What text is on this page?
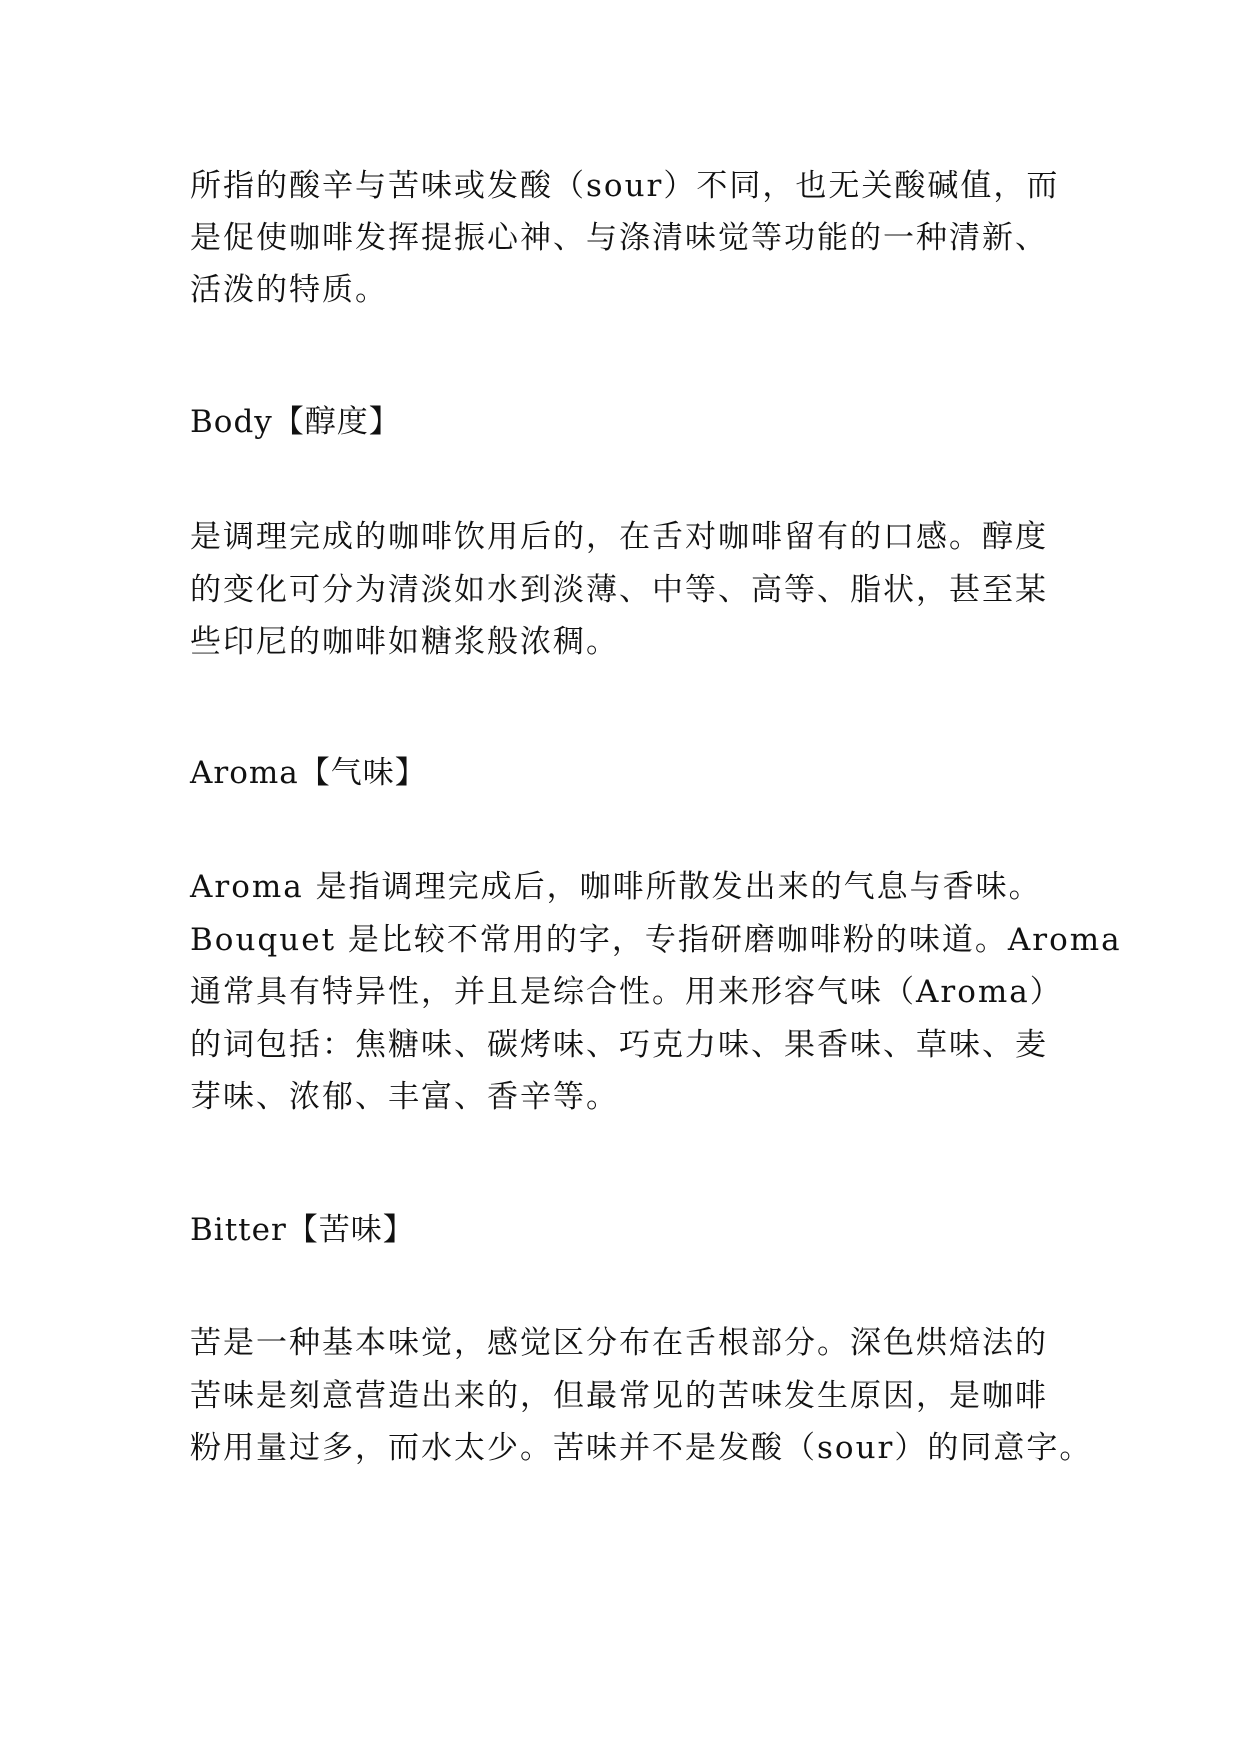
所指的酸辛与苦味或发酸（sour）不同，也无关酸碱值，而
是促使咖啡发挥提振心神、与涤清味觉等功能的一种清新、
活泼的特质。
Body【醇度】
是调理完成的咖啡饮用后的，在舌对咖啡留有的口感。醇度
的变化可分为清淡如水到淡薄、中等、高等、脂状，甚至某
些印尼的咖啡如糖浆般浓稠。
Aroma【气味】
Aroma 是指调理完成后，咖啡所散发出来的气息与香味。
Bouquet 是比较不常用的字，专指研磨咖啡粉的味道。Aroma
通常具有特异性，并且是综合性。用来形容气味（Aroma）
的词包括：焦糖味、碳烤味、巧克力味、果香味、草味、麦
芽味、浓郁、丰富、香辛等。
Bitter【苦味】
苦是一种基本味觉，感觉区分布在舌根部分。深色烘焙法的
苦味是刻意营造出来的，但最常见的苦味发生原因，是咖啡
粉用量过多，而水太少。苦味并不是发酸（sour）的同意字。
